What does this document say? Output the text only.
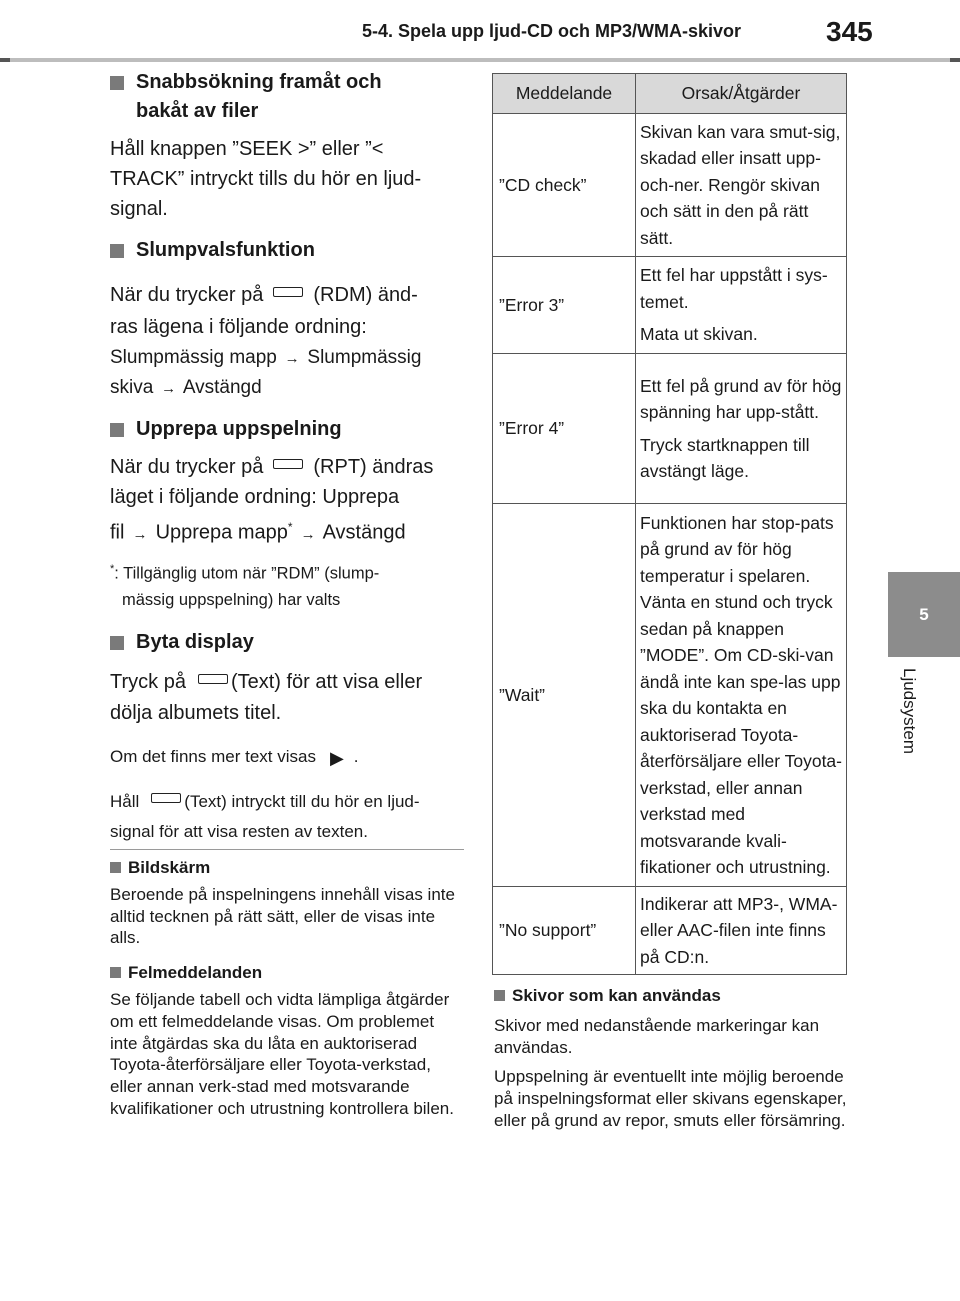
5-4. Spela upp ljud-CD och MP3/WMA-skivor	345
5
Ljudsystem

Snabbsökning framåt och
bakåt av filer

Håll knappen ”SEEK >” eller ”<
TRACK” intryckt tills du hör en ljud-
signal.

Slumpvalsfunktion

När du trycker på	(RDM) änd-
ras lägena i följande ordning:

Slumpmässig mapp → Slumpmässig
skiva → Avstängd

Upprepa uppspelning

När du trycker på	(RPT) ändras
läget i följande ordning: Upprepa
fil → Upprepa mapp* → Avstängd

*: Tillgänglig utom när ”RDM” (slump-
mässig uppspelning) har valts

Byta display

Tryck på (Text) för att visa eller
dölja albumets titel.

Om det finns mer text visas ▶ .

Håll	(Text) intryckt till du hör en ljud-
signal för att visa resten av texten.

Bildskärm

Beroende på inspelningens innehåll visas inte alltid tecknen på rätt sätt, eller de visas inte alls.

Felmeddelanden

Se följande tabell och vidta lämpliga åtgärder om ett felmeddelande visas. Om problemet inte åtgärdas ska du låta en auktoriserad Toyota-återförsäljare eller Toyota-verkstad, eller annan verk-stad med motsvarande kvalifikationer och utrustning kontrollera bilen.

Meddelande	Orsak/Åtgärder
”CD check”	Skivan kan vara smut-sig, skadad eller insatt upp-och-ner. Rengör skivan och sätt in den på rätt sätt.

”Error 3”	Ett fel har uppstått i sys-temet.

Mata ut skivan.

”Error 4”	Ett fel på grund av för hög spänning har upp-stått.

Tryck startknappen till avstängt läge.

”Wait”	Funktionen har stop-pats på grund av för hög temperatur i spelaren. Vänta en stund och tryck sedan på knappen ”MODE”. Om CD-ski-van ändå inte kan spe-las upp ska du kontakta en auktoriserad Toyota-återförsäljare eller Toyota-verkstad, eller annan verkstad med motsvarande kvali-fikationer och utrustning.

”No support”	Indikerar att MP3-, WMA- eller AAC-filen inte finns på CD:n.

Skivor som kan användas

Skivor med nedanstående markeringar kan användas.

Uppspelning är eventuellt inte möjlig beroende på inspelningsformat eller skivans egenskaper, eller på grund av repor, smuts eller försämring.
